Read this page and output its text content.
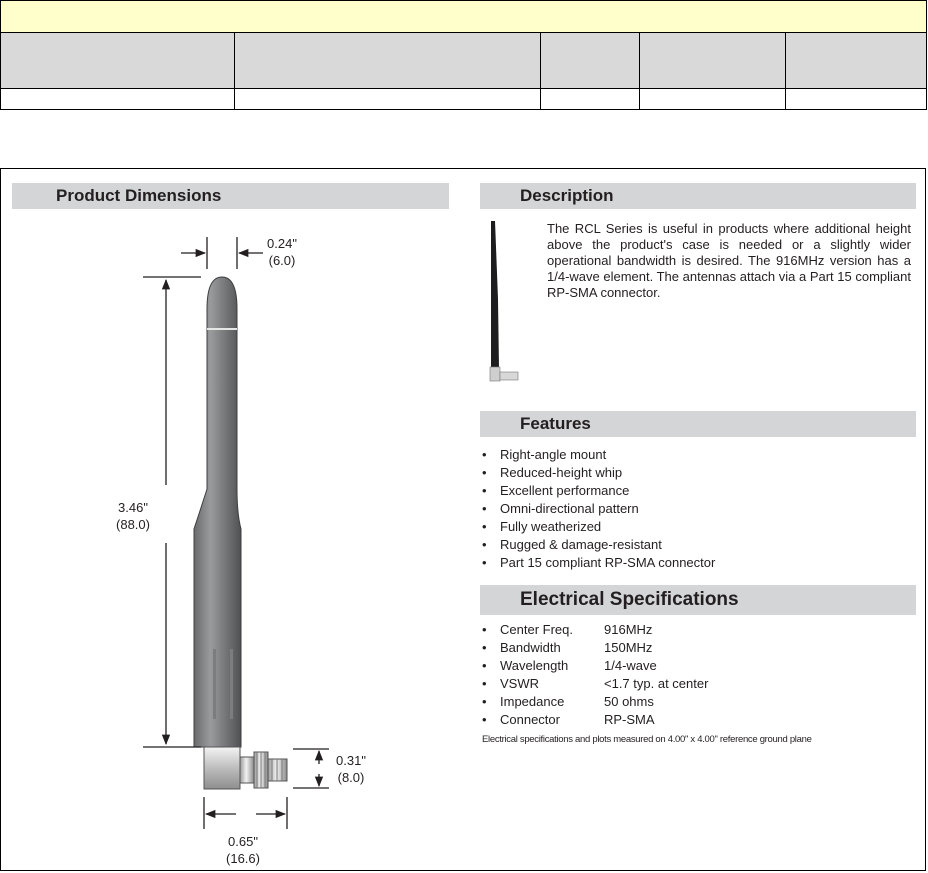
0.24"
(6.0)
3.46"
(88.0)
0.31"
(8.0)
0.65"
(16.6)
Product Dimensions	Description
Features
Electrical Specifications
The RCL Series is useful in products where additional height above the product's case is needed or a slightly wider operational bandwidth is desired. The 916MHz version has a 1/4-wave element. The antennas attach via a Part 15 compliant RP-SMA connector.
• Right-angle mount
• Reduced-height whip
• Excellent performance
• Omni-directional pattern
• Fully weatherized
• Rugged & damage-resistant
• Part 15 compliant RP-SMA connector
• Center Freq. 916MHz
• Bandwidth	150MHz
• Wavelength	1/4-wave
• VSWR	<1.7 typ. at center
• Impedance	50 ohms
• Connector	RP-SMA
Electrical specifications and plots measured on 4.00" x 4.00" reference ground plane
